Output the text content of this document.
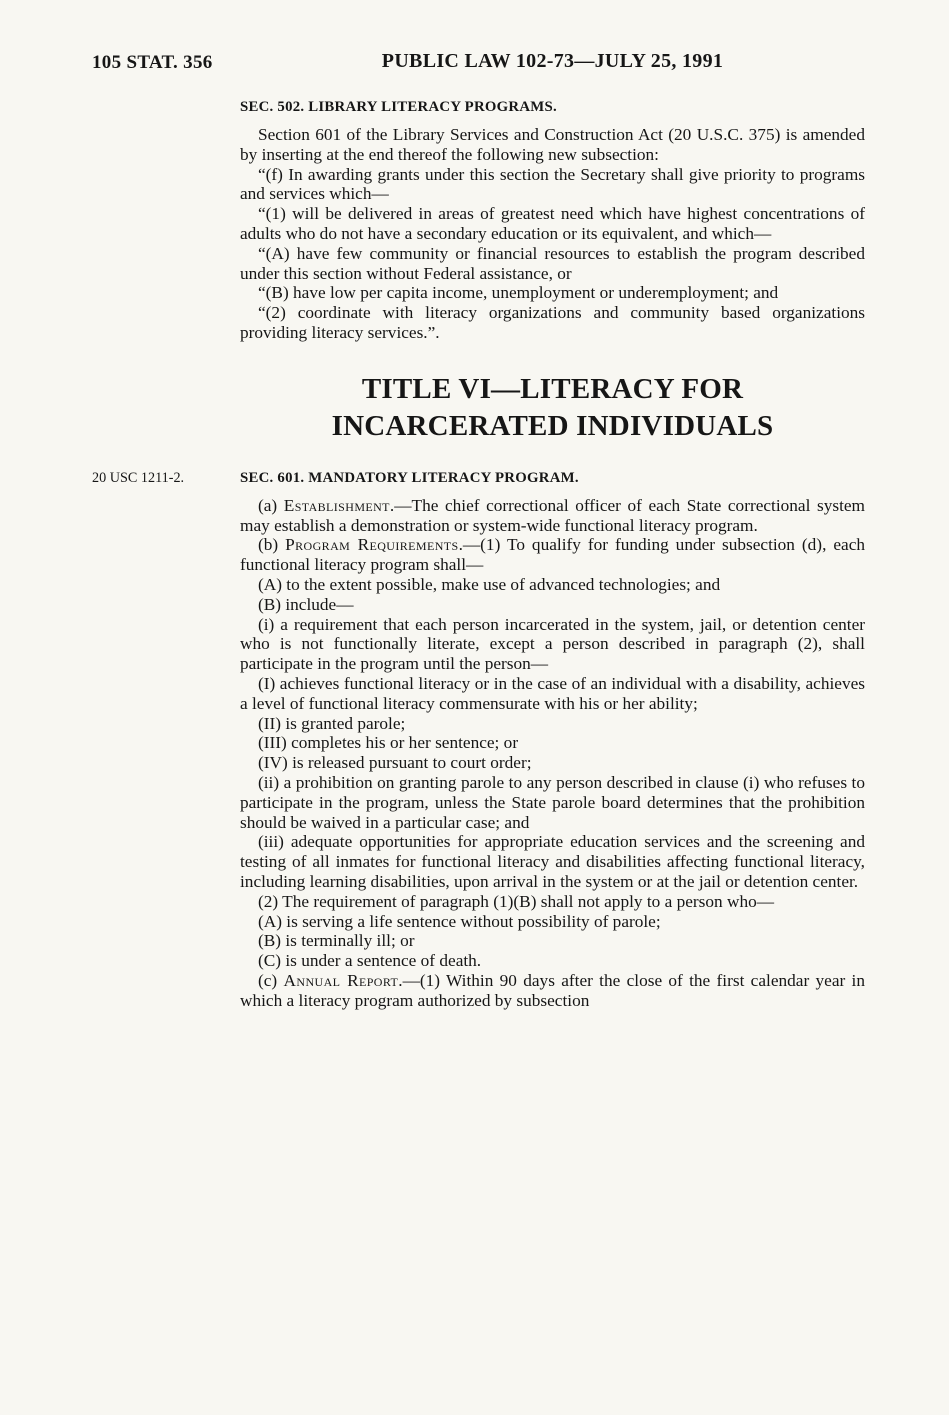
105 STAT. 356	PUBLIC LAW 102-73—JULY 25, 1991
SEC. 502. LIBRARY LITERACY PROGRAMS.

Section 601 of the Library Services and Construction Act (20 U.S.C. 375) is amended by inserting at the end thereof the following new subsection:

“(f) In awarding grants under this section the Secretary shall give priority to programs and services which—

“(1) will be delivered in areas of greatest need which have highest concentrations of adults who do not have a secondary education or its equivalent, and which—

“(A) have few community or financial resources to establish the program described under this section without Federal assistance, or

“(B) have low per capita income, unemployment or underemployment; and

“(2) coordinate with literacy organizations and community based organizations providing literacy services.”.

TITLE VI—LITERACY FOR
INCARCERATED INDIVIDUALS
20 USC 1211-2.	SEC. 601. MANDATORY LITERACY PROGRAM.

(a) Establishment.—The chief correctional officer of each State correctional system may establish a demonstration or system-wide functional literacy program.

(b) Program Requirements.—(1) To qualify for funding under subsection (d), each functional literacy program shall—

(A) to the extent possible, make use of advanced technologies; and

(B) include—

(i) a requirement that each person incarcerated in the system, jail, or detention center who is not functionally literate, except a person described in paragraph (2), shall participate in the program until the person—

(I) achieves functional literacy or in the case of an individual with a disability, achieves a level of functional literacy commensurate with his or her ability;

(II) is granted parole;

(III) completes his or her sentence; or

(IV) is released pursuant to court order;

(ii) a prohibition on granting parole to any person described in clause (i) who refuses to participate in the program, unless the State parole board determines that the prohibition should be waived in a particular case; and

(iii) adequate opportunities for appropriate education services and the screening and testing of all inmates for functional literacy and disabilities affecting functional literacy, including learning disabilities, upon arrival in the system or at the jail or detention center.

(2) The requirement of paragraph (1)(B) shall not apply to a person who—

(A) is serving a life sentence without possibility of parole;

(B) is terminally ill; or

(C) is under a sentence of death.

(c) Annual Report.—(1) Within 90 days after the close of the first calendar year in which a literacy program authorized by subsection
